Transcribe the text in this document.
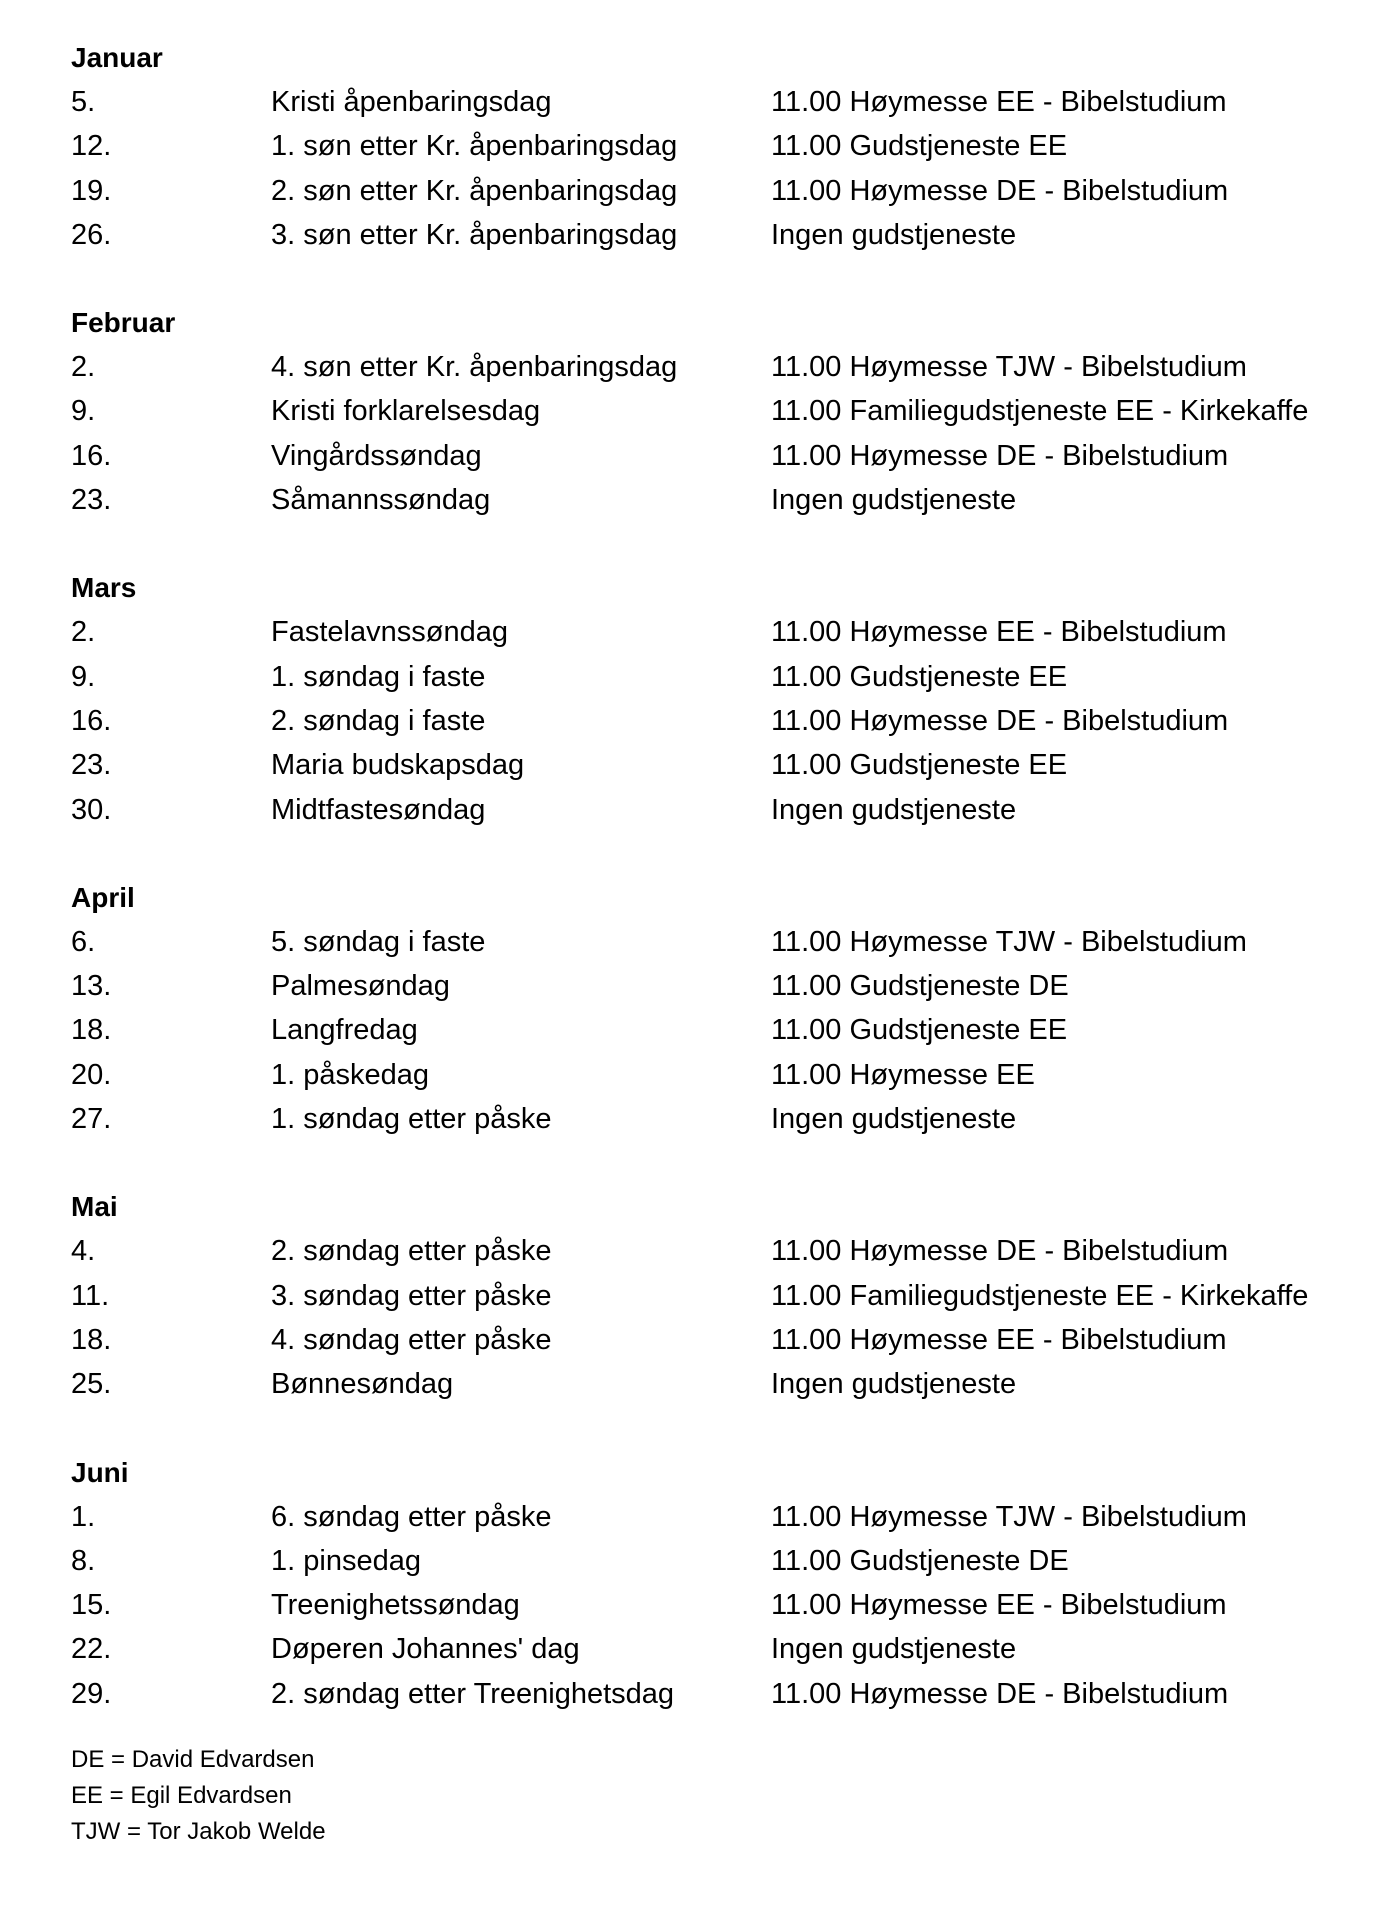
Januar
5.	Kristi åpenbaringsdag	11.00 Høymesse EE - Bibelstudium
12.	1. søn etter Kr. åpenbaringsdag	11.00 Gudstjeneste EE
19.	2. søn etter Kr. åpenbaringsdag	11.00 Høymesse DE - Bibelstudium
26.	3. søn etter Kr. åpenbaringsdag	Ingen gudstjeneste
Februar
2.	4. søn etter Kr. åpenbaringsdag	11.00 Høymesse TJW - Bibelstudium
9.	Kristi forklarelsesdag	11.00 Familiegudstjeneste EE - Kirkekaffe
16.	Vingårdssøndag	11.00 Høymesse DE - Bibelstudium
23.	Såmannssøndag	Ingen gudstjeneste
Mars
2.	Fastelavnssøndag	11.00 Høymesse EE - Bibelstudium
9.	1. søndag i faste	11.00 Gudstjeneste EE
16.	2. søndag i faste	11.00 Høymesse DE - Bibelstudium
23.	Maria budskapsdag	11.00 Gudstjeneste EE
30.	Midtfastesøndag	Ingen gudstjeneste
April
6.	5. søndag i faste	11.00 Høymesse TJW - Bibelstudium
13.	Palmesøndag	11.00 Gudstjeneste DE
18.	Langfredag	11.00 Gudstjeneste EE
20.	1. påskedag	11.00 Høymesse EE
27.	1. søndag etter påske	Ingen gudstjeneste
Mai
4.	2. søndag etter påske	11.00 Høymesse DE - Bibelstudium
11.	3. søndag etter påske	11.00 Familiegudstjeneste EE - Kirkekaffe
18.	4. søndag etter påske	11.00 Høymesse EE - Bibelstudium
25.	Bønnesøndag	Ingen gudstjeneste
Juni
1.	6. søndag etter påske	11.00 Høymesse TJW - Bibelstudium
8.	1. pinsedag	11.00 Gudstjeneste DE
15.	Treenighetssøndag	11.00 Høymesse EE - Bibelstudium
22.	Døperen Johannes' dag	Ingen gudstjeneste
29.	2. søndag etter Treenighetsdag	11.00 Høymesse DE - Bibelstudium
DE = David Edvardsen
EE = Egil Edvardsen
TJW = Tor Jakob Welde
